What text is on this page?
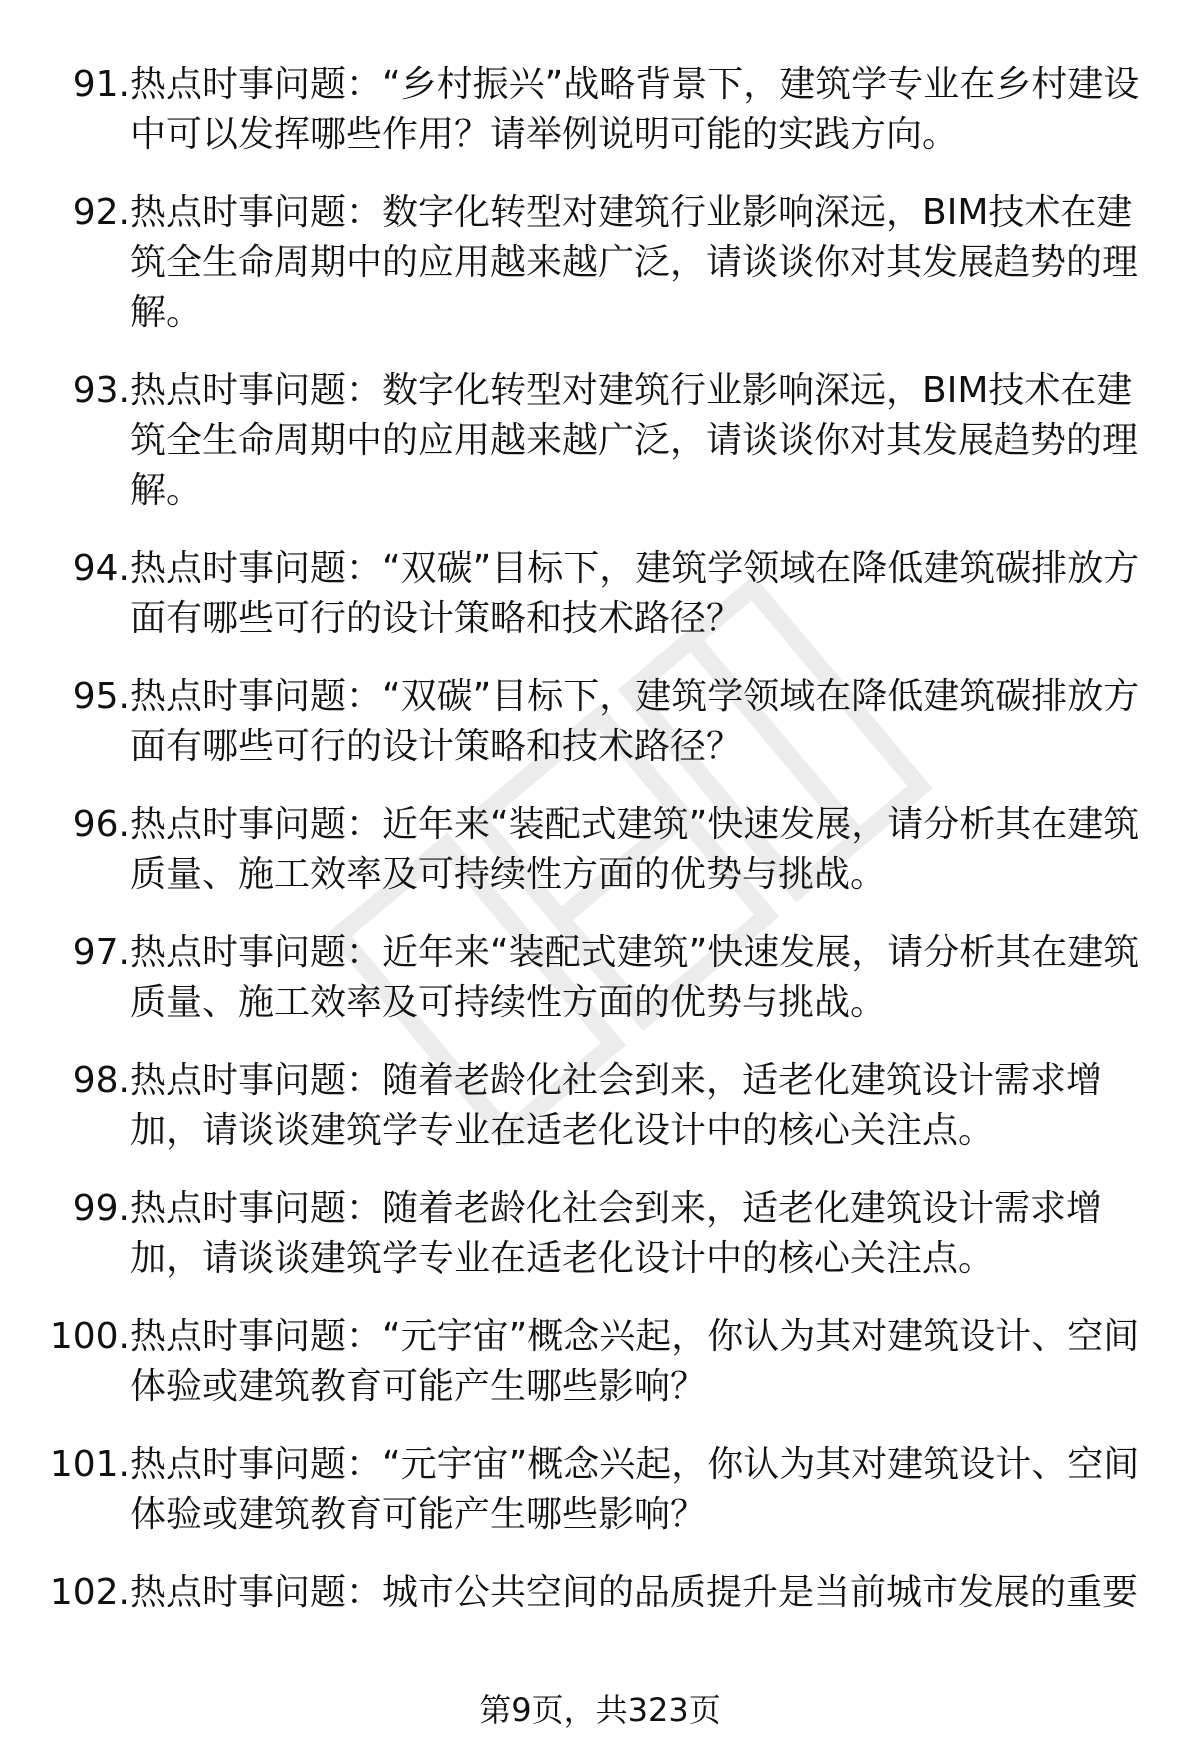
91. 热点时事问题：“乡村振兴”战略背景下，建筑学专业在乡村建设中可以发挥哪些作用？请举例说明可能的实践方向。
92. 热点时事问题：数字化转型对建筑行业影响深远，BIM技术在建筑全生命周期中的应用越来越广泛，请谈谈你对其发展趋势的理解。
93. 热点时事问题：数字化转型对建筑行业影响深远，BIM技术在建筑全生命周期中的应用越来越广泛，请谈谈你对其发展趋势的理解。
94. 热点时事问题：“双碳”目标下，建筑学领域在降低建筑碳排放方面有哪些可行的设计策略和技术路径？
95. 热点时事问题：“双碳”目标下，建筑学领域在降低建筑碳排放方面有哪些可行的设计策略和技术路径？
96. 热点时事问题：近年来“装配式建筑”快速发展，请分析其在建筑质量、施工效率及可持续性方面的优势与挑战。
97. 热点时事问题：近年来“装配式建筑”快速发展，请分析其在建筑质量、施工效率及可持续性方面的优势与挑战。
98. 热点时事问题：随着老龄化社会到来，适老化建筑设计需求增加，请谈谈建筑学专业在适老化设计中的核心关注点。
99. 热点时事问题：随着老龄化社会到来，适老化建筑设计需求增加，请谈谈建筑学专业在适老化设计中的核心关注点。
100. 热点时事问题：“元宇宙”概念兴起，你认为其对建筑设计、空间体验或建筑教育可能产生哪些影响？
101. 热点时事问题：“元宇宙”概念兴起，你认为其对建筑设计、空间体验或建筑教育可能产生哪些影响？
102. 热点时事问题：城市公共空间的品质提升是当前城市发展的重要
第9页，共323页
